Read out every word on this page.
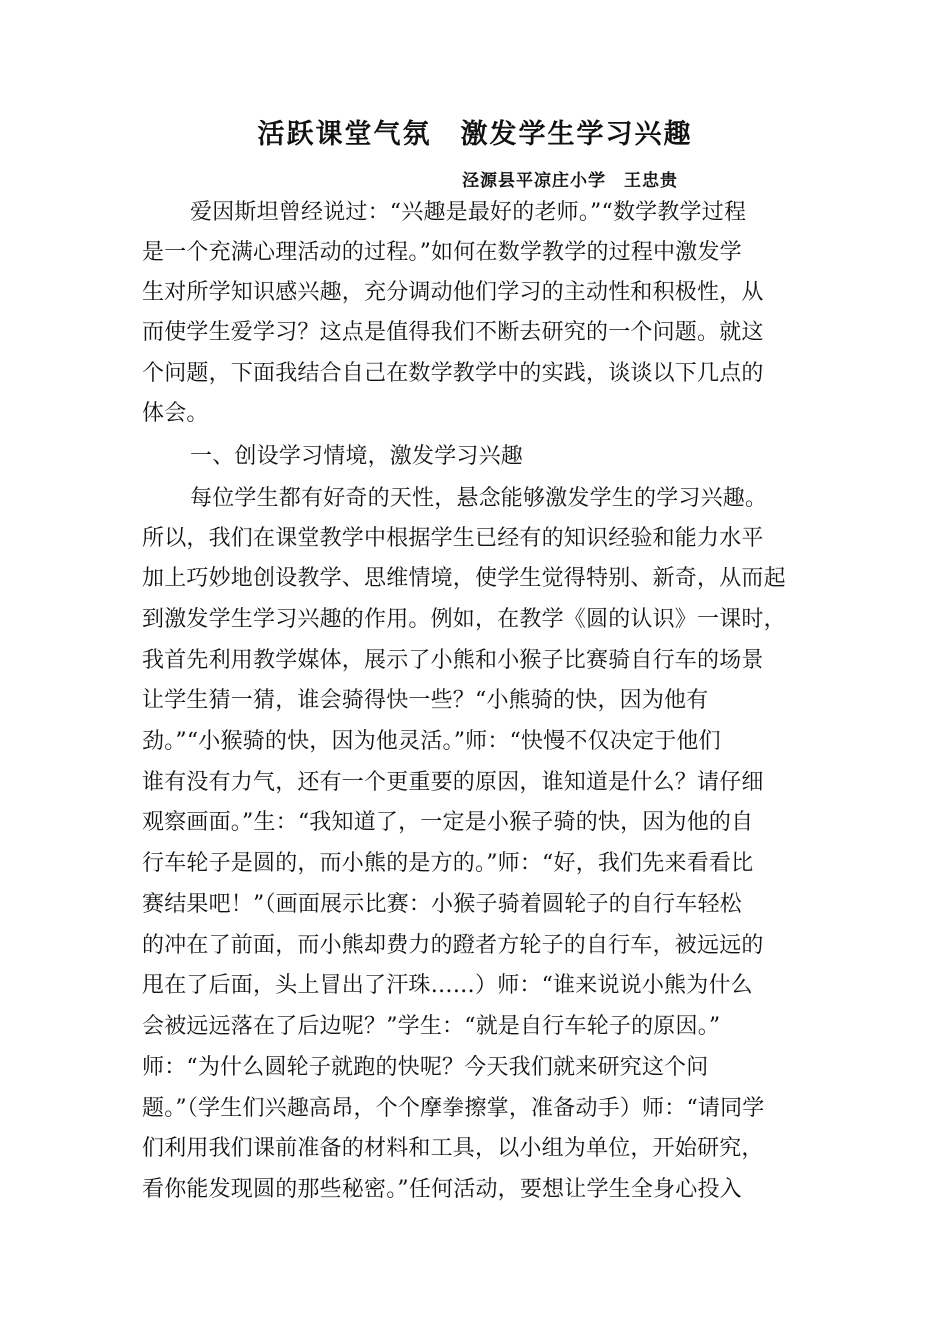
活跃课堂气氛　激发学生学习兴趣
泾源县平凉庄小学　王忠贵
爱因斯坦曾经说过：“兴趣是最好的老师。”“数学教学过程
是一个充满心理活动的过程。”如何在数学教学的过程中激发学
生对所学知识感兴趣，充分调动他们学习的主动性和积极性，从
而使学生爱学习？这点是值得我们不断去研究的一个问题。就这
个问题，下面我结合自己在数学教学中的实践，谈谈以下几点的
体会。
一、创设学习情境，激发学习兴趣
每位学生都有好奇的天性，悬念能够激发学生的学习兴趣。
所以，我们在课堂教学中根据学生已经有的知识经验和能力水平
加上巧妙地创设教学、思维情境，使学生觉得特别、新奇，从而起
到激发学生学习兴趣的作用。例如，在教学《圆的认识》一课时，
我首先利用教学媒体，展示了小熊和小猴子比赛骑自行车的场景
让学生猜一猜，谁会骑得快一些？“小熊骑的快，因为他有
劲。”“小猴骑的快，因为他灵活。”师：“快慢不仅决定于他们
谁有没有力气，还有一个更重要的原因，谁知道是什么？请仔细
观察画面。”生：“我知道了，一定是小猴子骑的快，因为他的自
行车轮子是圆的，而小熊的是方的。”师：“好，我们先来看看比
赛结果吧！”（画面展示比赛：小猴子骑着圆轮子的自行车轻松
的冲在了前面，而小熊却费力的蹬者方轮子的自行车，被远远的
甩在了后面，头上冒出了汗珠……）师：“谁来说说小熊为什么
会被远远落在了后边呢？”学生：“就是自行车轮子的原因。”
师：“为什么圆轮子就跑的快呢？今天我们就来研究这个问
题。”（学生们兴趣高昂，个个摩拳擦掌，准备动手）师：“请同学
们利用我们课前准备的材料和工具，以小组为单位，开始研究，
看你能发现圆的那些秘密。”任何活动，要想让学生全身心投入
